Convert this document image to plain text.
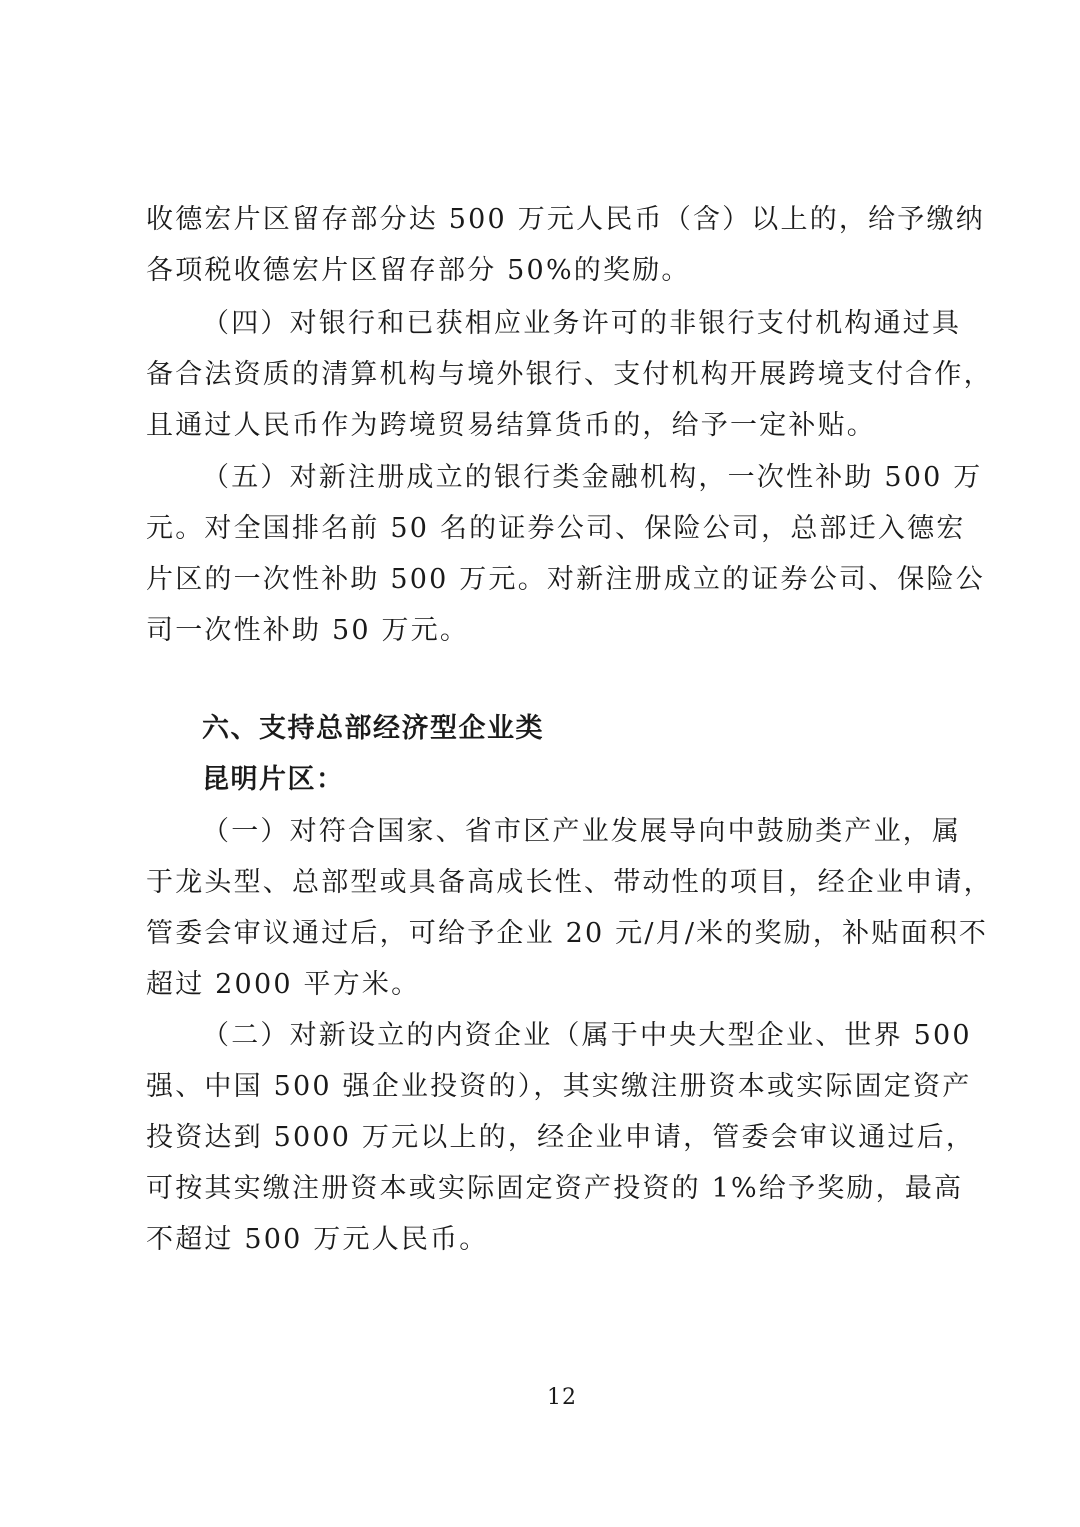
收德宏片区留存部分达 500 万元人民币（含）以上的，给予缴纳
各项税收德宏片区留存部分 50%的奖励。
（四）对银行和已获相应业务许可的非银行支付机构通过具
备合法资质的清算机构与境外银行、支付机构开展跨境支付合作，
且通过人民币作为跨境贸易结算货币的，给予一定补贴。
（五）对新注册成立的银行类金融机构，一次性补助 500 万
元。对全国排名前 50 名的证券公司、保险公司，总部迁入德宏
片区的一次性补助 500 万元。对新注册成立的证券公司、保险公
司一次性补助 50 万元。
六、支持总部经济型企业类
昆明片区：
（一）对符合国家、省市区产业发展导向中鼓励类产业，属
于龙头型、总部型或具备高成长性、带动性的项目，经企业申请，
管委会审议通过后，可给予企业 20 元/月/米的奖励，补贴面积不
超过 2000 平方米。
（二）对新设立的内资企业（属于中央大型企业、世界 500
强、中国 500 强企业投资的），其实缴注册资本或实际固定资产
投资达到 5000 万元以上的，经企业申请，管委会审议通过后，
可按其实缴注册资本或实际固定资产投资的 1%给予奖励，最高
不超过 500 万元人民币。
12
